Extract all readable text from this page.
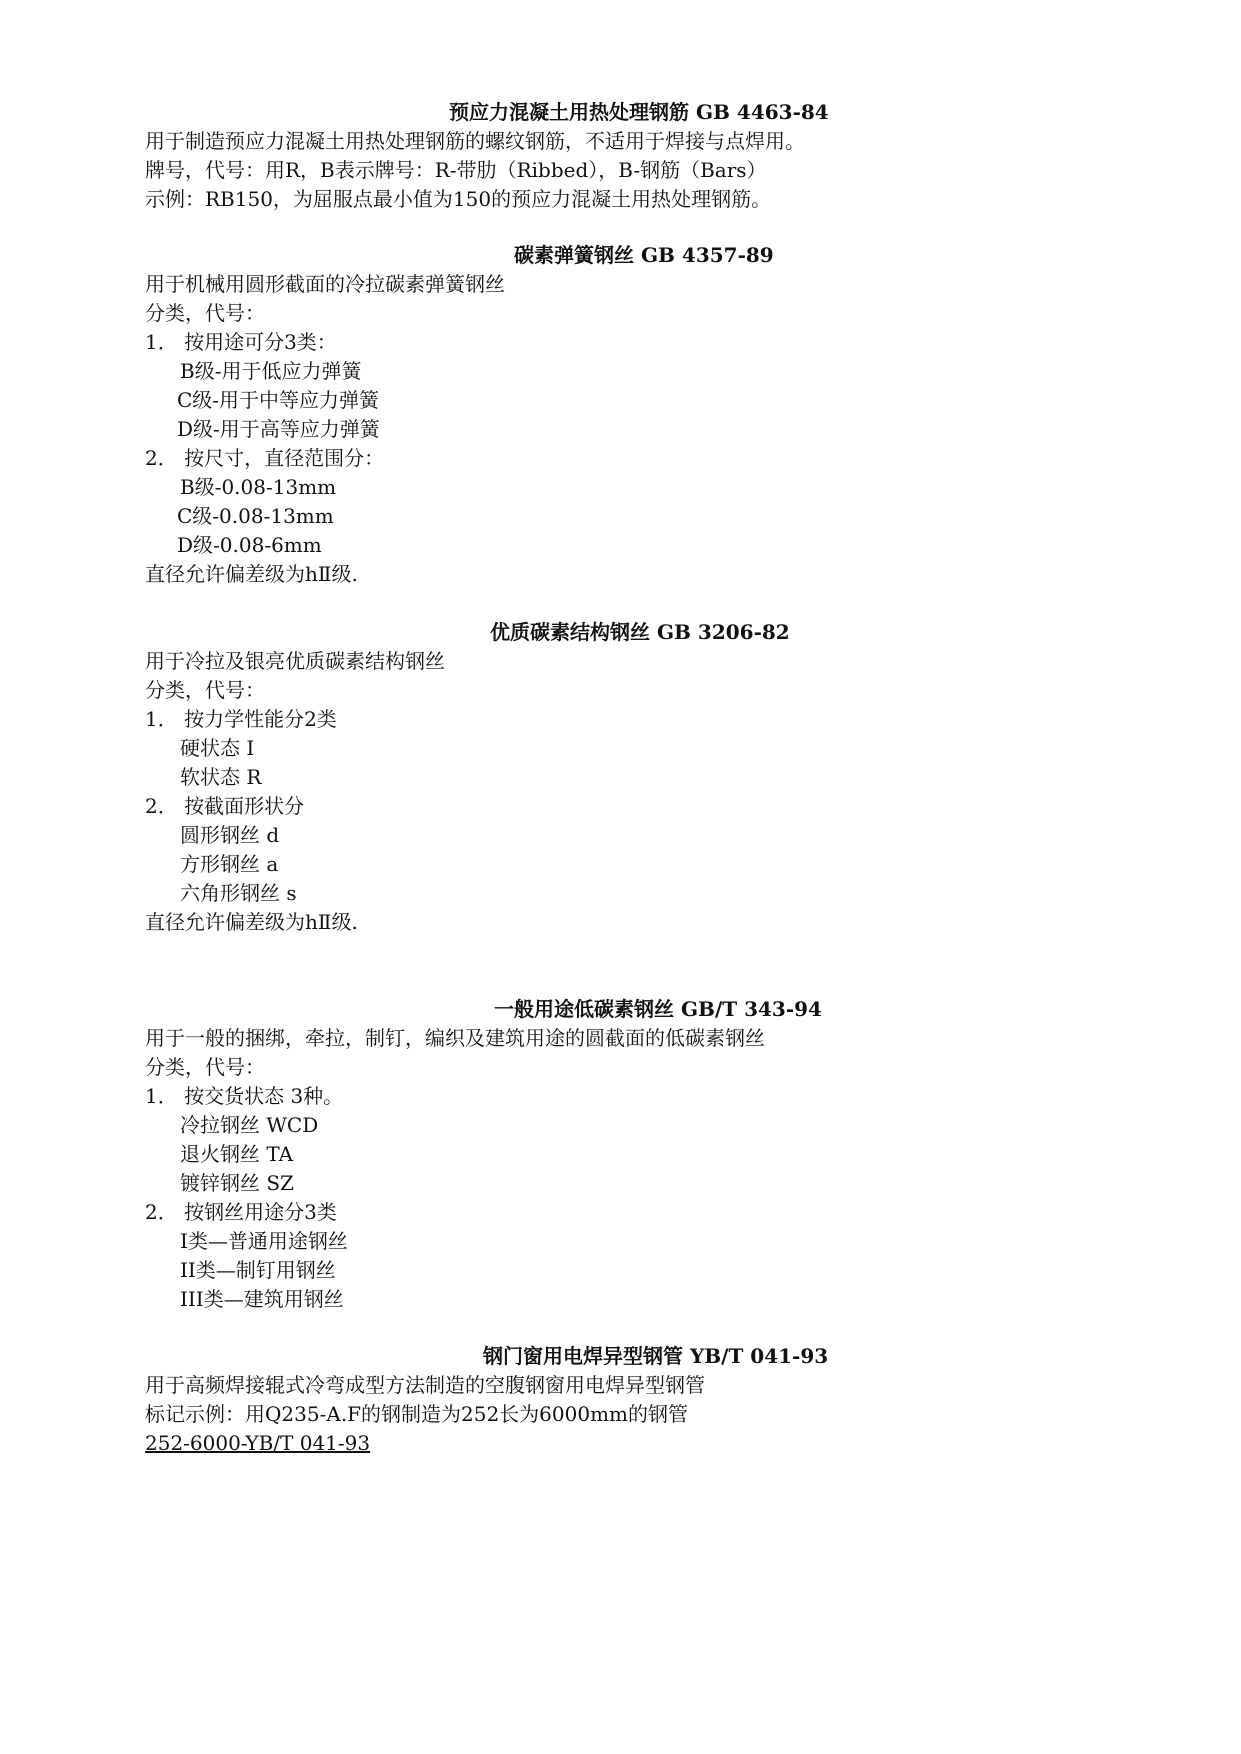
预应力混凝土用热处理钢筋 GB 4463-84
用于制造预应力混凝土用热处理钢筋的螺纹钢筋，不适用于焊接与点焊用。
牌号，代号：用R，B表示牌号：R-带肋（Ribbed），B-钢筋（Bars）
示例：RB150，为屈服点最小值为150的预应力混凝土用热处理钢筋。
碳素弹簧钢丝 GB 4357-89
用于机械用圆形截面的冷拉碳素弹簧钢丝
分类，代号：
1． 按用途可分3类：
B级-用于低应力弹簧
C级-用于中等应力弹簧
D级-用于高等应力弹簧
2． 按尺寸，直径范围分：
B级-0.08-13mm
C级-0.08-13mm
D级-0.08-6mm
直径允许偏差级为hⅡ级.
优质碳素结构钢丝 GB 3206-82
用于冷拉及银亮优质碳素结构钢丝
分类，代号：
1． 按力学性能分2类
硬状态 I
软状态 R
2． 按截面形状分
圆形钢丝 d
方形钢丝 a
六角形钢丝 s
直径允许偏差级为hⅡ级.
一般用途低碳素钢丝 GB/T 343-94
用于一般的捆绑，牵拉，制钉，编织及建筑用途的圆截面的低碳素钢丝
分类，代号：
1． 按交货状态 3种。
冷拉钢丝 WCD
退火钢丝 TA
镀锌钢丝 SZ
2． 按钢丝用途分3类
I类—普通用途钢丝
II类—制钉用钢丝
III类—建筑用钢丝
钢门窗用电焊异型钢管 YB/T 041-93
用于高频焊接辊式冷弯成型方法制造的空腹钢窗用电焊异型钢管
标记示例：用Q235-A.F的钢制造为252长为6000mm的钢管
252-6000-YB/T 041-93
